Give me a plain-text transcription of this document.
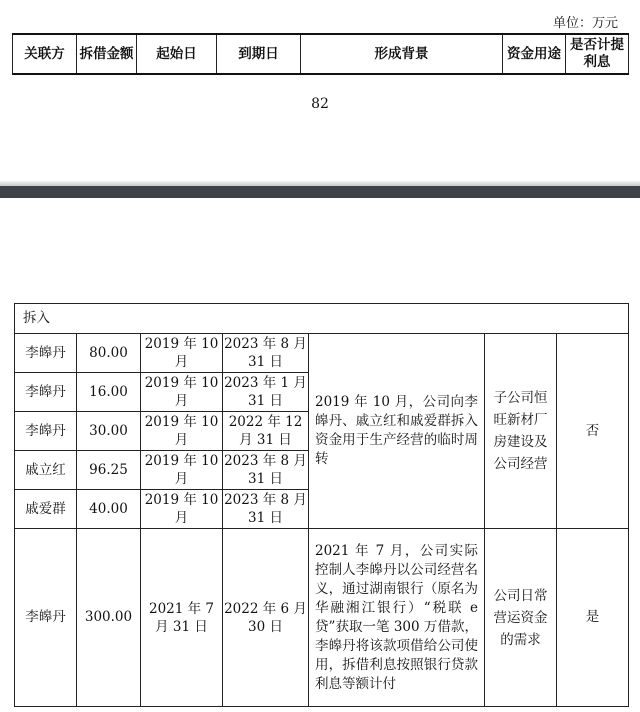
单位：万元
关联方	拆借金额	起始日	到期日	形成背景	资金用途	是否计提利息
82
拆入						
李皞丹	80.00	2019 年 10 月	2023 年 8 月 31 日	2019 年 10 月，公司向李皞丹、戚立红和戚爱群拆入资金用于生产经营的临时周转	子公司恒旺新材厂房建设及公司经营	否
李皞丹	16.00	2019 年 10 月	2023 年 1 月 31 日			
李皞丹	30.00	2019 年 10 月	2022 年 12 月 31 日			
戚立红	96.25	2019 年 10 月	2023 年 8 月 31 日			
戚爱群	40.00	2019 年 10 月	2023 年 8 月 31 日			
李皞丹	300.00	2021 年 7 月 31 日	2022 年 6 月 30 日	2021 年 7 月，公司实际控制人李皞丹以公司经营名义，通过湖南银行（原名为华融湘江银行）“税联 e 贷”获取一笔 300 万借款，李皞丹将该款项借给公司使用，拆借利息按照银行贷款利息等额计付	公司日常营运资金的需求	是
